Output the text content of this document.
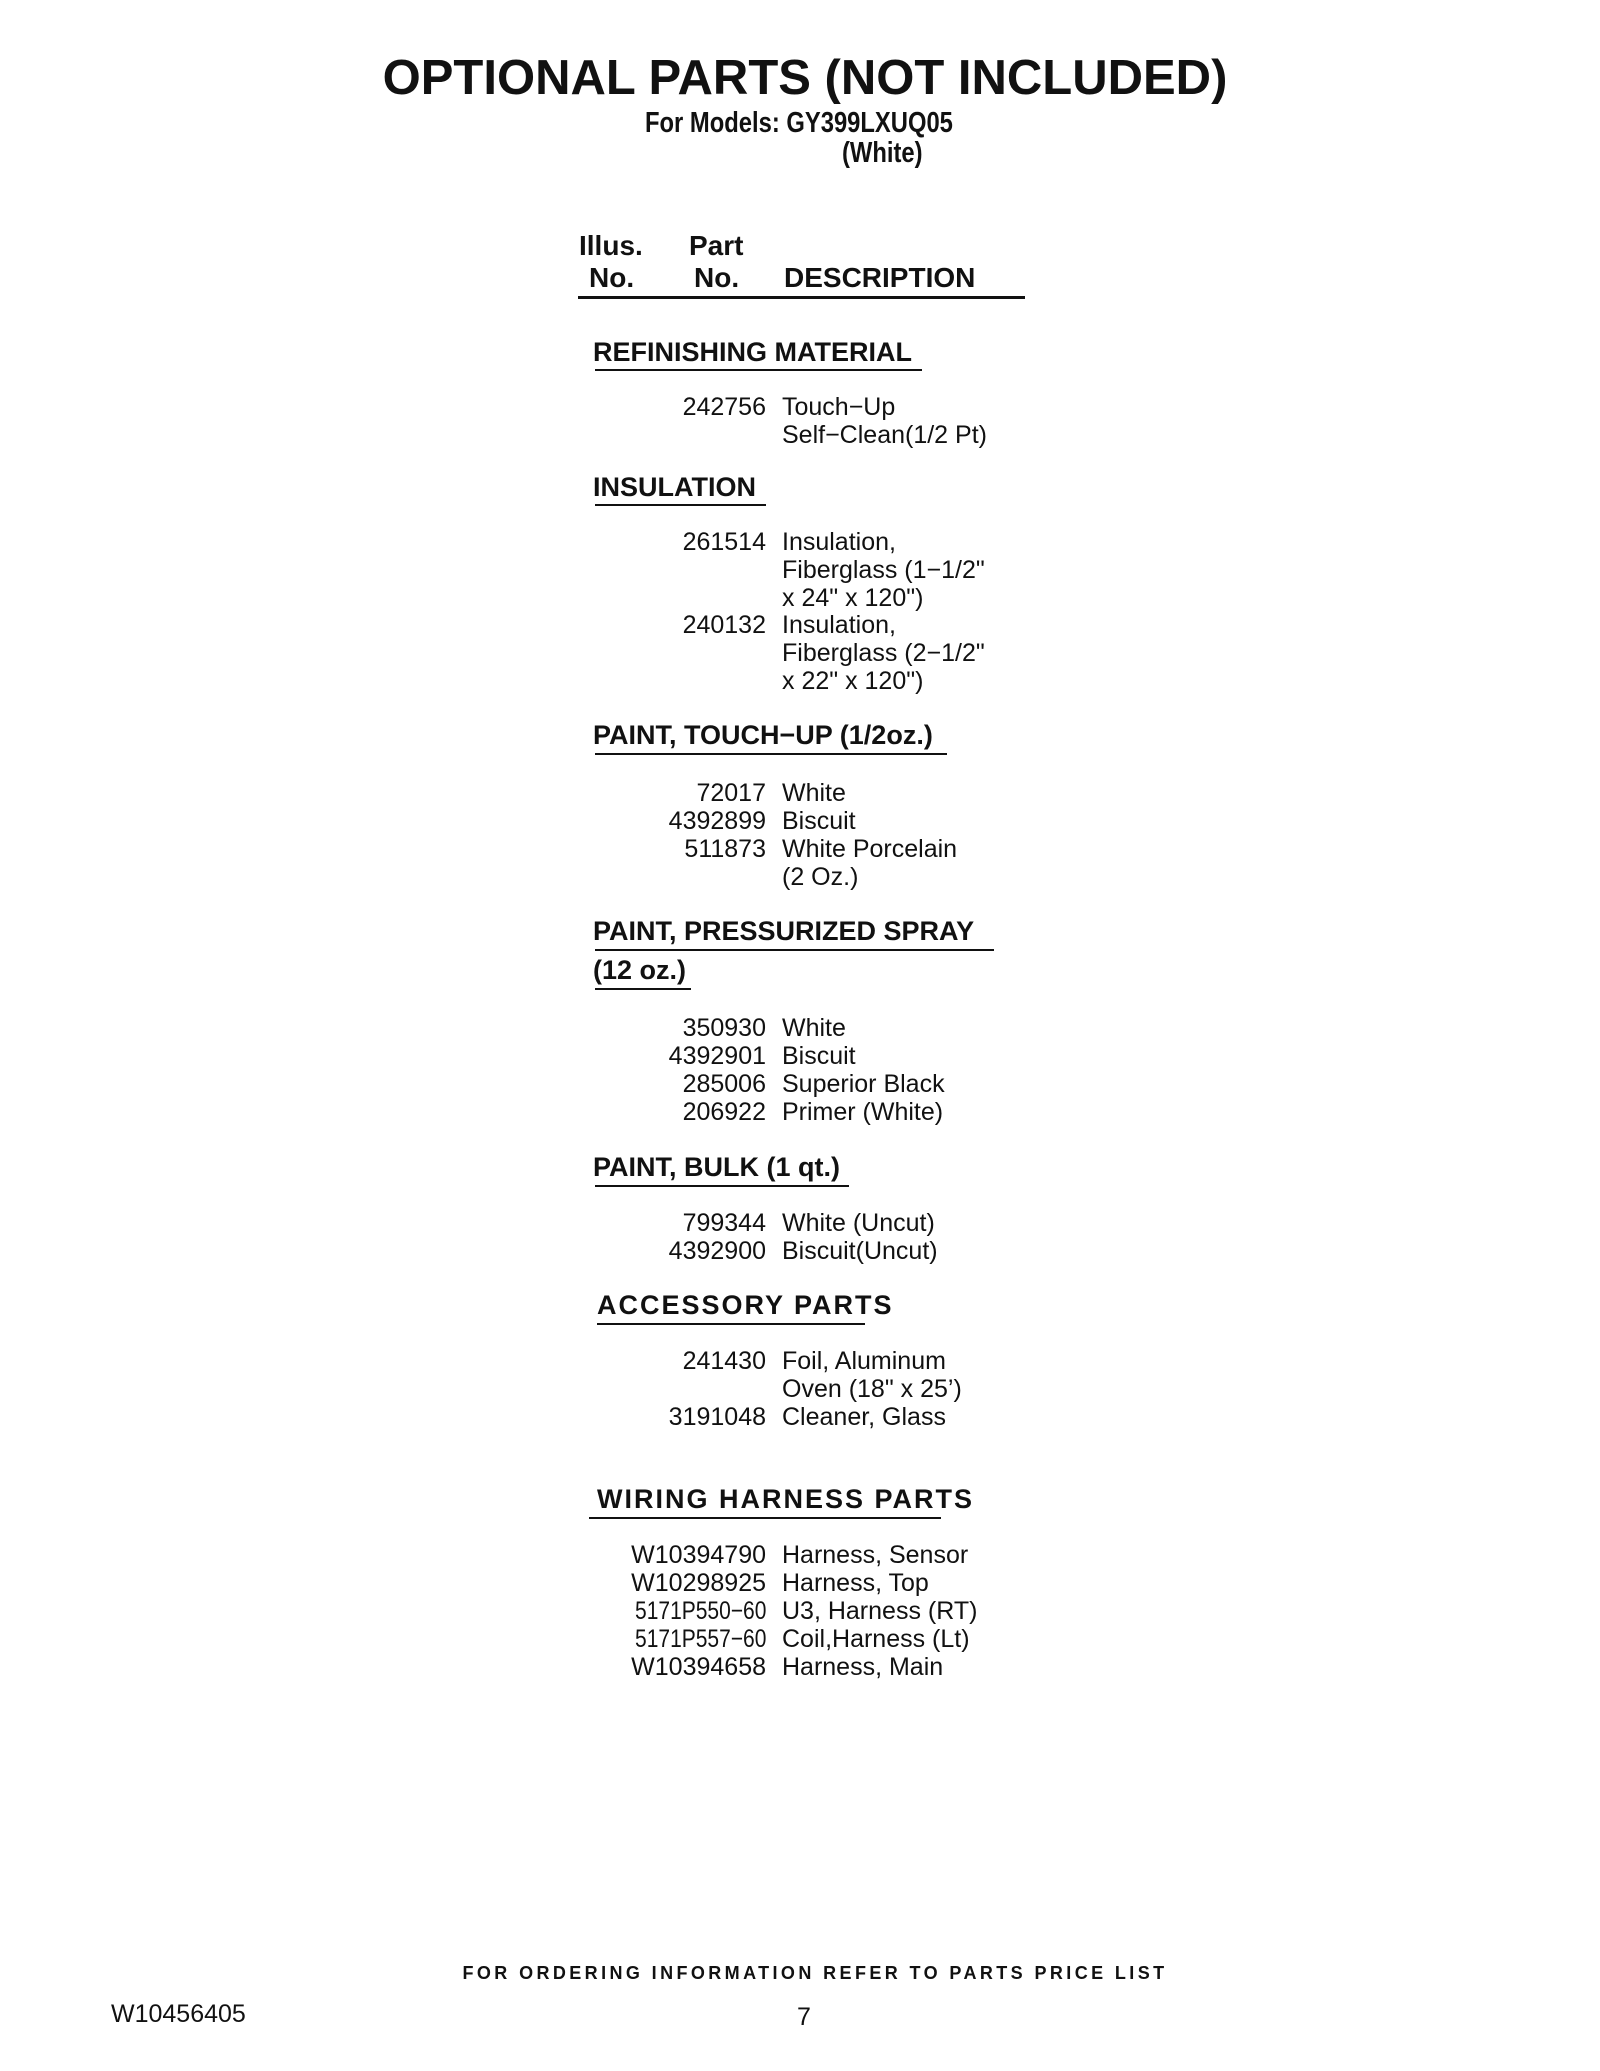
OPTIONAL PARTS (NOT INCLUDED)
For Models: GY399LXUQ05
(White)
Illus.
No.
Part
No. DESCRIPTION
REFINISHING MATERIAL
242756 Touch−Up
Self−Clean(1/2 Pt)
INSULATION
261514 Insulation,
Fiberglass (1−1/2"
x 24" x 120")
240132 Insulation,
Fiberglass (2−1/2"
x 22" x 120")
PAINT, TOUCH−UP (1/2oz.)
72017 White
4392899 Biscuit
511873 White Porcelain
(2 Oz.)
PAINT, PRESSURIZED SPRAY
(12 oz.)
350930 White
4392901 Biscuit
285006 Superior Black
206922 Primer (White)
PAINT, BULK (1 qt.)
799344 White (Uncut)
4392900 Biscuit(Uncut)
ACCESSORY PARTS
241430 Foil, Aluminum
Oven (18" x 25’)
3191048 Cleaner, Glass
WIRING HARNESS PARTS
W10394790 Harness, Sensor
W10298925 Harness, Top
5171P550−60 U3, Harness (RT)
5171P557−60 Coil,Harness (Lt)
W10394658 Harness, Main
FOR ORDERING INFORMATION REFER TO PARTS PRICE LIST
W10456405	7
